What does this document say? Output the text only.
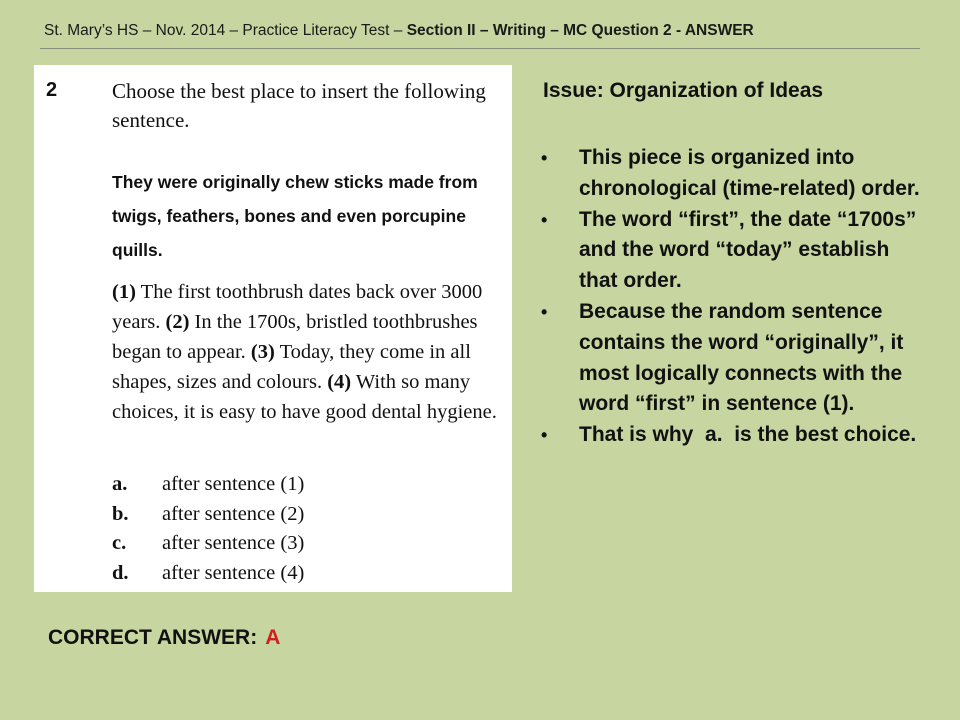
St. Mary’s HS – Nov. 2014 – Practice Literacy Test – Section II – Writing – MC Question 2 - ANSWER
2	Choose the best place to insert the following sentence.
They were originally chew sticks made from twigs, feathers, bones and even porcupine quills.
(1) The first toothbrush dates back over 3000 years. (2) In the 1700s, bristled toothbrushes began to appear. (3) Today, they come in all shapes, sizes and colours. (4) With so many choices, it is easy to have good dental hygiene.
a.	after sentence (1)
b.	after sentence (2)
c.	after sentence (3)
d.	after sentence (4)
Issue: Organization of Ideas
• This piece is organized into chronological (time-related) order.
• The word “first”, the date “1700s” and the word “today” establish that order.
• Because the random sentence contains the word “originally”, it most logically connects with the word “first” in sentence (1).
• That is why  a.  is the best choice.
CORRECT ANSWER: A
